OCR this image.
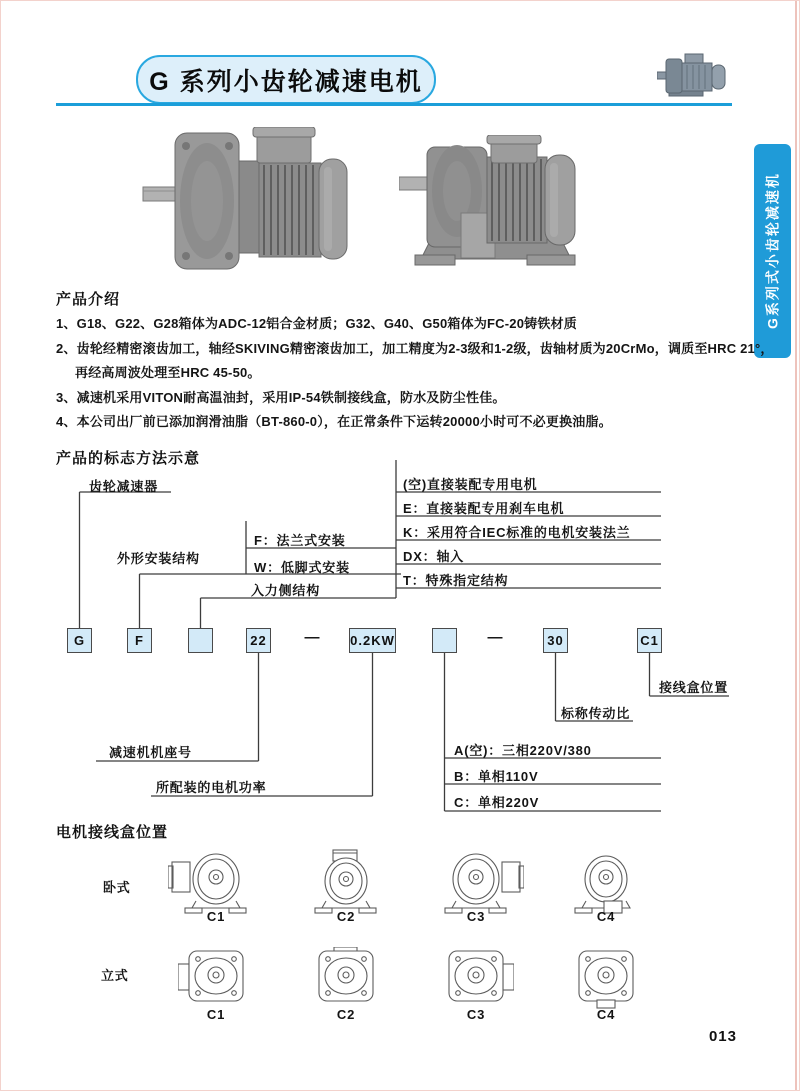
G 系列小齿轮减速电机
G系列式小齿轮减速机
产品介绍
1、G18、G22、G28箱体为ADC-12铝合金材质；G32、G40、G50箱体为FC-20铸铁材质
2、齿轮经精密滚齿加工，轴经SKIVING精密滚齿加工，加工精度为2-3级和1-2级，齿轴材质为20CrMo，调质至HRC 21°，
再经高周波处理至HRC 45-50。
3、减速机采用VITON耐高温油封，采用IP-54铁制接线盒，防水及防尘性佳。
4、本公司出厂前已添加润滑油脂（BT-860-0），在正常条件下运转20000小时可不必更换油脂。
产品的标志方法示意
齿轮减速器
外形安装结构
F：法兰式安装
W：低脚式安装
入力侧结构
(空)直接装配专用电机
E：直接装配专用刹车电机
K：采用符合IEC标准的电机安装法兰
DX：轴入
T：特殊指定结构
减速机机座号
所配装的电机功率
A(空)：三相220V/380
B：单相110V
C：单相220V
标称传动比
接线盒位置
G	F	22	—	0.2KW	—	30	C1
电机接线盒位置
卧式
立式
C1	C2	C3	C4
C1	C2	C3	C4
013
